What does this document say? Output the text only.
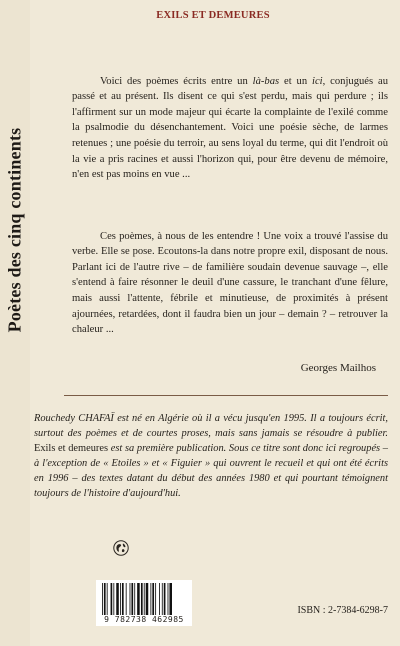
Poètes des cinq continents
EXILS ET DEMEURES

Voici des poèmes écrits entre un là-bas et un ici, conjugués au passé et au présent. Ils disent ce qui s'est perdu, mais qui perdure ; ils l'affirment sur un mode majeur qui écarte la complainte de l'exilé comme la psalmodie du désenchantement. Voici une poésie sèche, de larmes retenues ; une poésie du terroir, au sens loyal du terme, qui dit l'endroit où la vie a pris racines et aussi l'horizon qui, pour être devenu de mémoire, n'en est pas moins en vue ...

Ces poèmes, à nous de les entendre ! Une voix a trouvé l'assise du verbe. Elle se pose. Ecoutons-la dans notre propre exil, disposant de nous. Parlant ici de l'autre rive – de familière soudain devenue sauvage –, elle s'entend à faire résonner le deuil d'une cassure, le tranchant d'une fêlure, mais aussi l'attente, fébrile et minutieuse, de proximités à présent ajournées, retardées, dont il faudra bien un jour – demain ? – retrouver la chaleur ...

Georges Mailhos

Rouchedy CHAFAÏ est né en Algérie où il a vécu jusqu'en 1995. Il a toujours écrit, surtout des poèmes et de courtes proses, mais sans jamais se résoudre à publier. Exils et demeures est sa première publication. Sous ce titre sont donc ici regroupés – à l'exception de « Etoiles » et « Figuier » qui ouvrent le recueil et qui ont été écrits en 1996 – des textes datant du début des années 1980 et qui pourtant témoignent toujours de l'histoire d'aujourd'hui.

9 782738 462985
ISBN : 2-7384-6298-7
